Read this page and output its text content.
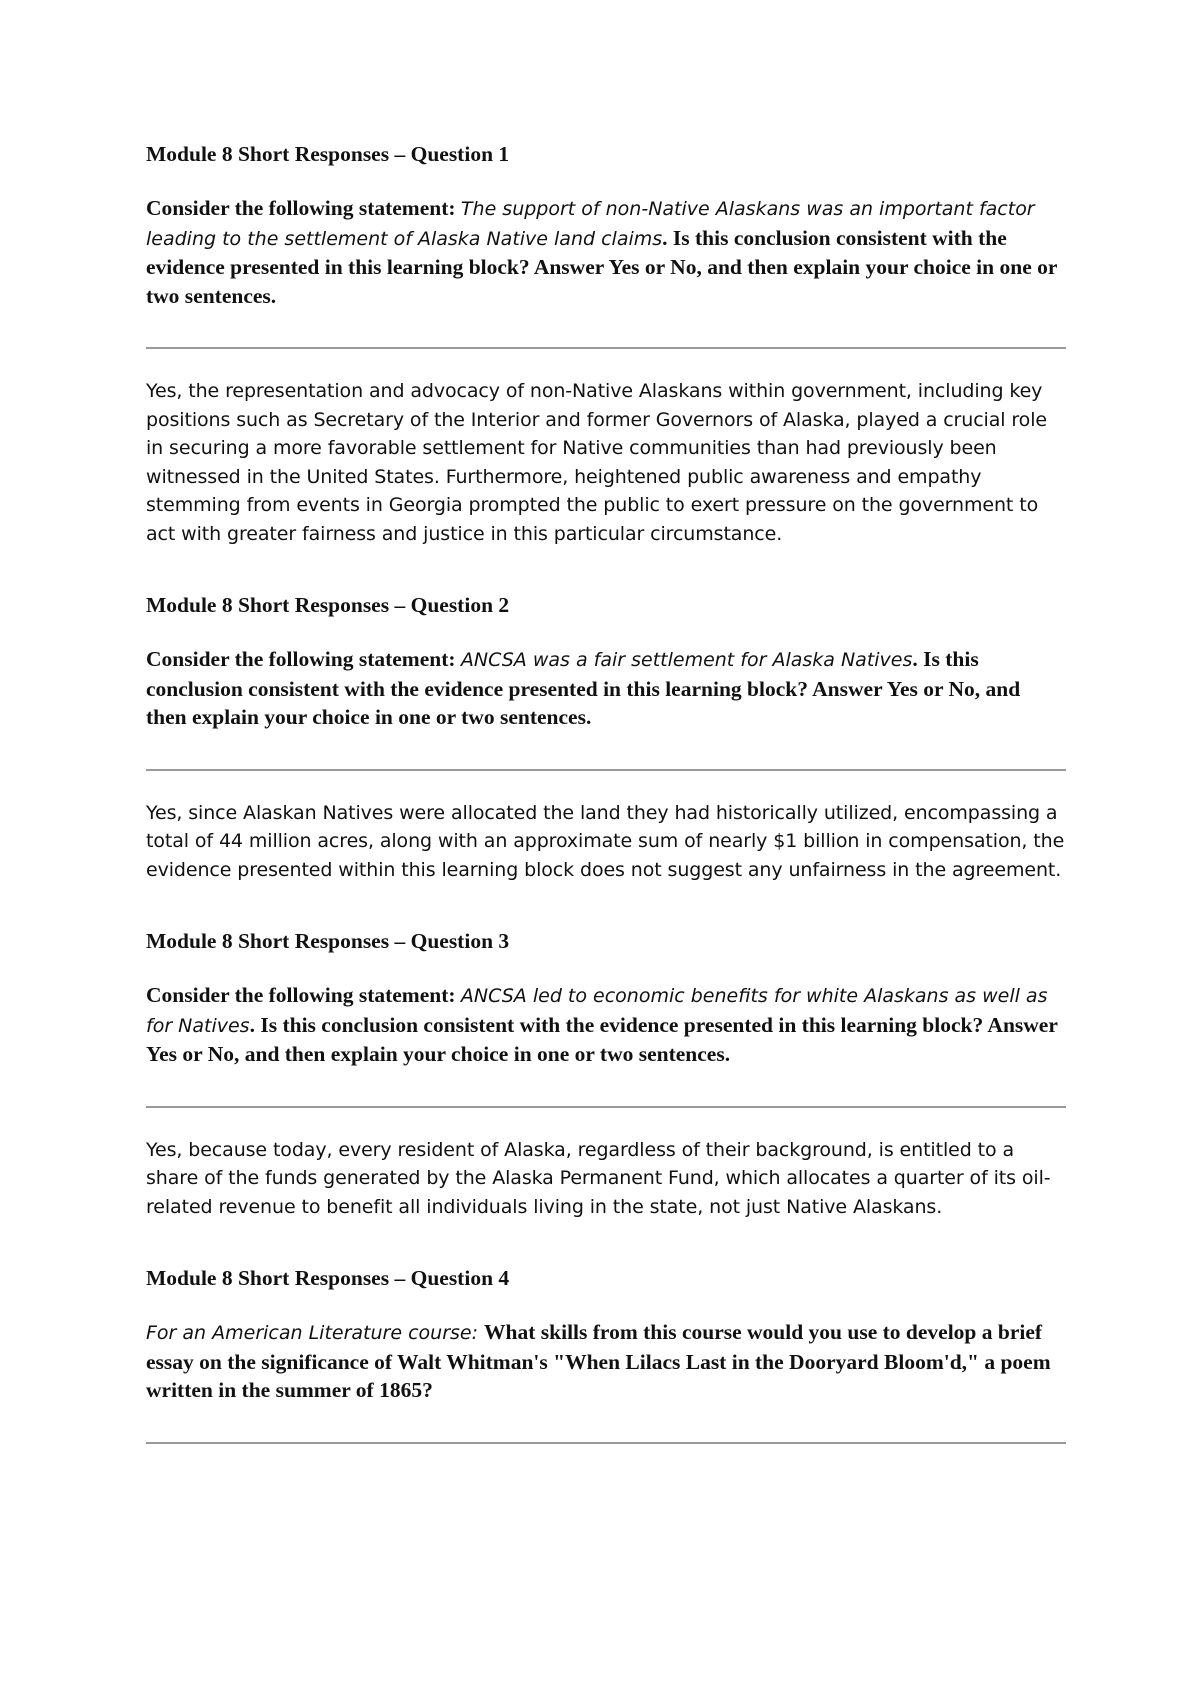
Module 8 Short Responses – Question 1

Consider the following statement: The support of non-Native Alaskans was an important factor leading to the settlement of Alaska Native land claims. Is this conclusion consistent with the evidence presented in this learning block? Answer Yes or No, and then explain your choice in one or two sentences.

Yes, the representation and advocacy of non-Native Alaskans within government, including key positions such as Secretary of the Interior and former Governors of Alaska, played a crucial role in securing a more favorable settlement for Native communities than had previously been witnessed in the United States. Furthermore, heightened public awareness and empathy stemming from events in Georgia prompted the public to exert pressure on the government to act with greater fairness and justice in this particular circumstance.

Module 8 Short Responses – Question 2

Consider the following statement: ANCSA was a fair settlement for Alaska Natives. Is this conclusion consistent with the evidence presented in this learning block? Answer Yes or No, and then explain your choice in one or two sentences.

Yes, since Alaskan Natives were allocated the land they had historically utilized, encompassing a total of 44 million acres, along with an approximate sum of nearly $1 billion in compensation, the evidence presented within this learning block does not suggest any unfairness in the agreement.

Module 8 Short Responses – Question 3

Consider the following statement: ANCSA led to economic benefits for white Alaskans as well as for Natives. Is this conclusion consistent with the evidence presented in this learning block? Answer Yes or No, and then explain your choice in one or two sentences.

Yes, because today, every resident of Alaska, regardless of their background, is entitled to a share of the funds generated by the Alaska Permanent Fund, which allocates a quarter of its oil-related revenue to benefit all individuals living in the state, not just Native Alaskans.

Module 8 Short Responses – Question 4

For an American Literature course: What skills from this course would you use to develop a brief essay on the significance of Walt Whitman's "When Lilacs Last in the Dooryard Bloom'd," a poem written in the summer of 1865?
